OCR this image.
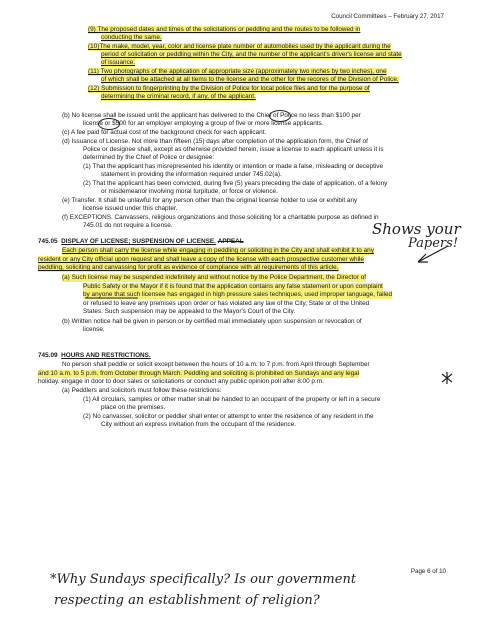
Council Committees – February 27, 2017
(9) The proposed dates and times of the solicitations or peddling and the routes to be followed in
conducting the same.
(10)The make, model, year, color and license plate number of automobiles used by the applicant during the
period of solicitation or peddling within the City, and the number of the applicant's driver's license and state
of issuance.
(11) Two photographs of the application of appropriate size (approximately two inches by two inches), one
of which shall be attached at all tiems to the license and the other for the recores of the Division of Police.
(12) Submission to fingerprinting by the Division of Police for local police files and for the purpose of
determining the criminal record, if any, of the applicant.
(b) No license shall be issued until the applicant has delivered to the Chief of Police no less than $100 per
license or $500 for an employer employing a group of five or more license applicants.
(c) A fee paid for actual cost of the background check for each applicant.
(d) Issuance of License. Not more than fifteen (15) days after completion of the application form, the Chief of
Police or designee shall, except as otherwise provided herein, issue a license to each applicant unless it is
determined by the Chief of Police or designee:
(1) That the applicant has misrepresented his identity or intention or made a false, misleading or deceptive
statement in providing the information required under 745.02(a).
(2) That the applicant has been convicted, during five (5) years preceding the date of application, of a felony
or misdemeanor involving moral turpitude, or force or violence.
(e) Transfer. It shall be unlawful for any person other than the original license holder to use or exhibit any
license issued under this chapter.
(f) EXCEPTIONS. Canvassers, religious organizations and those soliciting for a charitable purpose as defined in
745.01 do not require a license.	Shows your
Papers!
745.05 DISPLAY OF LICENSE; SUSPENSION OF LICENSE. APPEAL
Each person shall carry the license while engaging in peddling or soliciting in the City and shall exhibit it to any
resident or any City official upon request and shall leave a copy of the license with each prospective customer while
peddling, soliciting and canvassing for profit as evidence of compliance with all requirements of this article.
(a) Such license may be suspended indefinitely and without notice by the Police Department, the Director of
Public Safety or the Mayor if it is found that the application contains any false statement or upon complaint
by anyone that such licensee has engaged in high pressure sales techniques, used improper language, failed
or refused to leave any premises upon order or has violated any law of the City, State or of the United
States. Such suspension may be appealed to the Mayor's Court of the City.
(b) Written notice hall be given in person or by certified mail immediately upon suspension or revocation of
license.
745.09 HOURS AND RESTRICTIONS.
No person shall peddle or solicit except between the hours of 10 a.m. to 7 p.m. from April through September
and 10 a.m. to 5 p.m. from October through March. Peddling and soliciting is prohibited on Sundays and any legal
holiday. engage in door to door sales or solicitations or conduct any public opinion poll after 8:00 p.m.
(a) Peddlers and solicitors must follow these restrictions:
(1) All circulars, samples or other matter shall be handed to an occupant of the property or left in a secure
place on the premises.
(2) No canvasser, solicitor or peddler shall enter or attempt to enter the residence of any resident in the
City without an express invitation from the occupant of the residence.
Page 6 of 10
*Why Sundays specifically? Is our government
respecting an establishment of religion?
